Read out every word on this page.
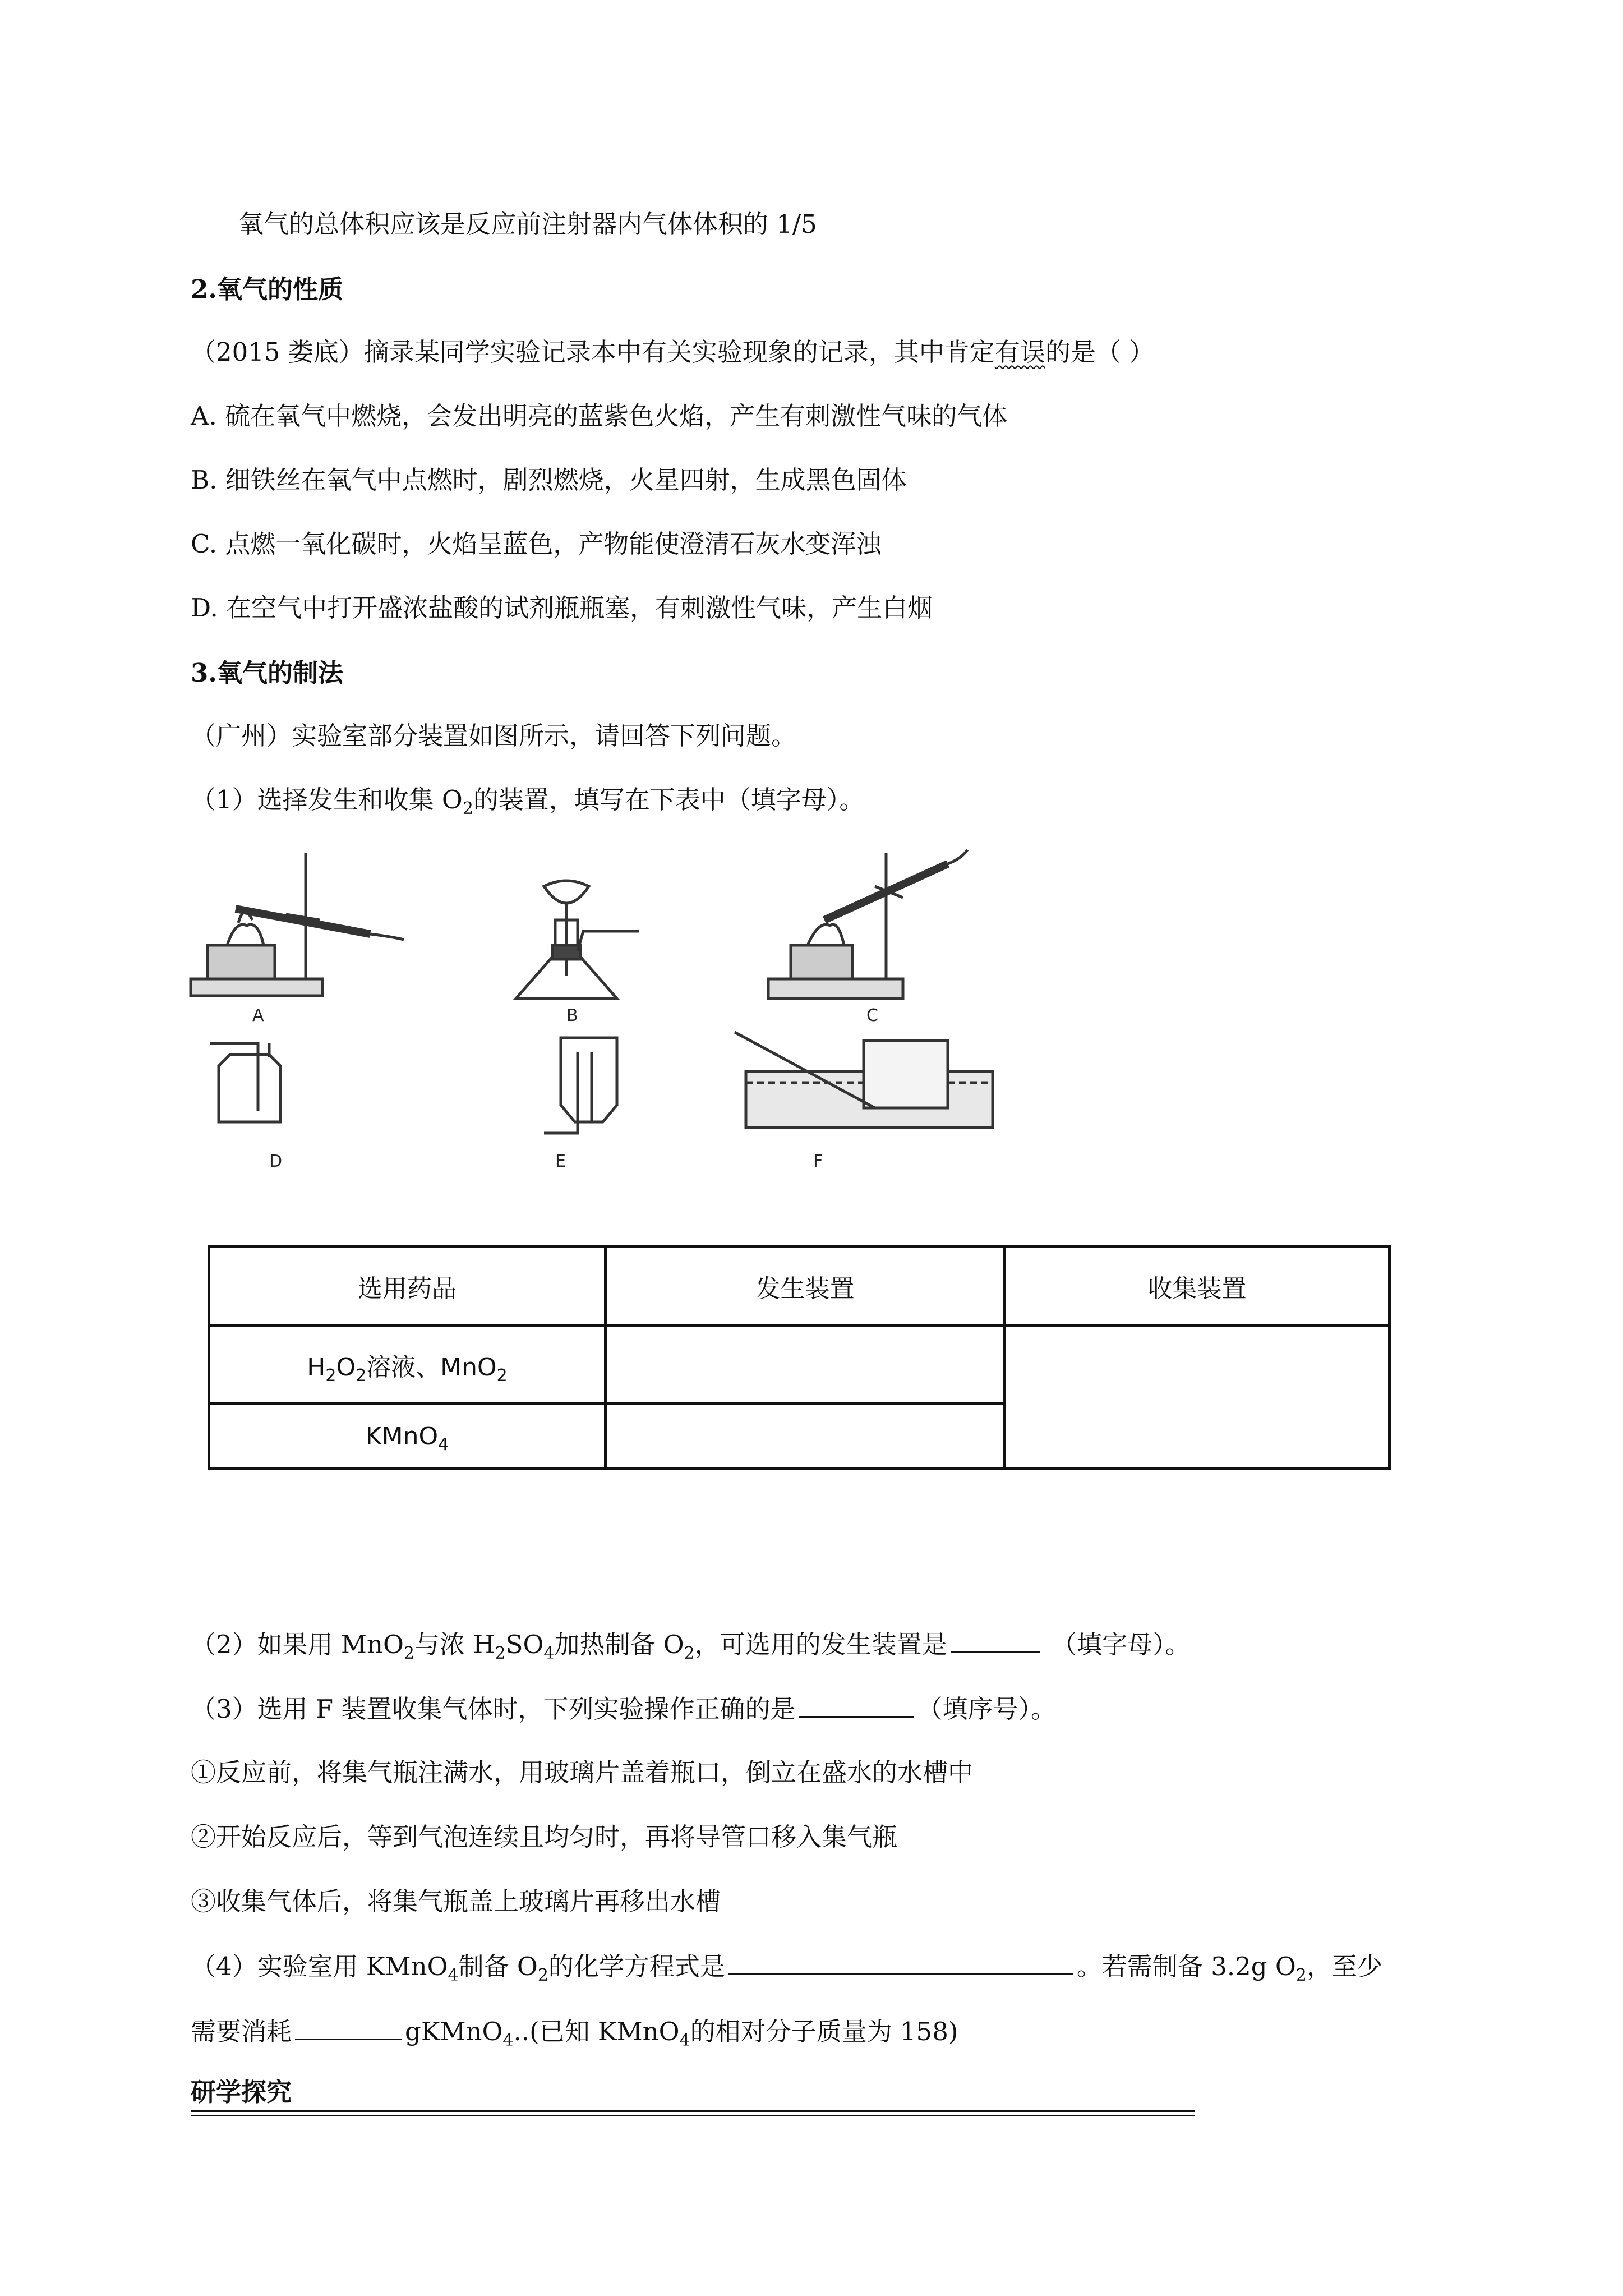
氧气的总体积应该是反应前注射器内气体体积的 1/5
2.氧气的性质
（2015 娄底）摘录某同学实验记录本中有关实验现象的记录，其中肯定有误的是（ ）
A. 硫在氧气中燃烧，会发出明亮的蓝紫色火焰，产生有刺激性气味的气体
B. 细铁丝在氧气中点燃时，剧烈燃烧，火星四射，生成黑色固体
C. 点燃一氧化碳时，火焰呈蓝色，产物能使澄清石灰水变浑浊
D. 在空气中打开盛浓盐酸的试剂瓶瓶塞，有刺激性气味，产生白烟
3.氧气的制法
（广州）实验室部分装置如图所示，请回答下列问题。
（1）选择发生和收集 $O_2$的装置，填写在下表中（填字母）。
A	B	C
D	E	F
选用药品	发生装置	收集装置
$H_2O_2$溶液、MnO$_2$		
KMnO$_4$	
（2）如果用 MnO$_2$与浓 $H_2SO_4$加热制备 $O_2$，可选用的发生装置是	（填字母）。
（3）选用 F 装置收集气体时，下列实验操作正确的是	（填序号）。
①反应前，将集气瓶注满水，用玻璃片盖着瓶口，倒立在盛水的水槽中
②开始反应后，等到气泡连续且均匀时，再将导管口移入集气瓶
③收集气体后，将集气瓶盖上玻璃片再移出水槽
（4）实验室用 KMnO$_4$制备 $O_2$的化学方程式是	。若需制备 3.2g $O_2$，至少
需要消耗	gKMnO$_4$..(已知 KMnO$_4$的相对分子质量为 158)
研学探究
